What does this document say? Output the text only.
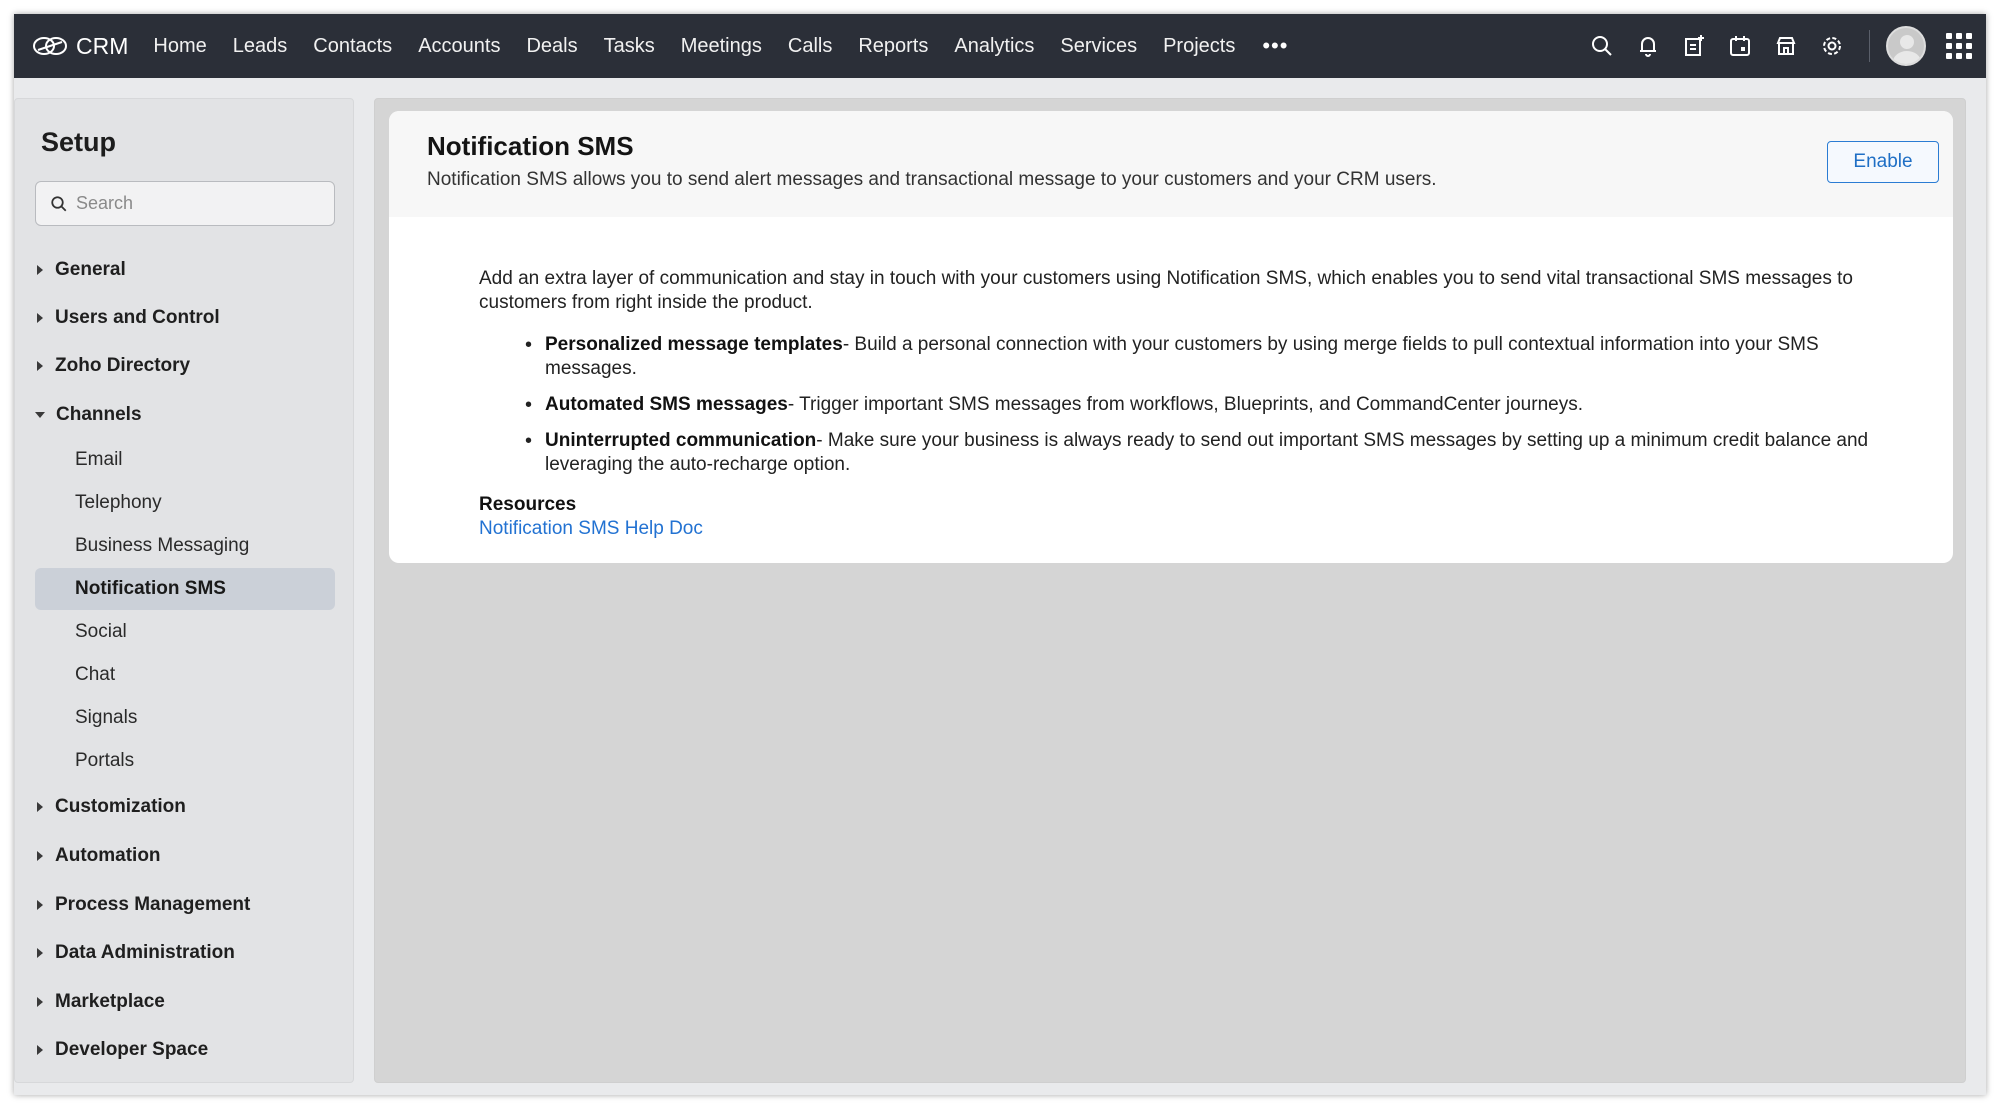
CRM	Home	Leads	Contacts	Accounts	Deals	Tasks	Meetings	Calls	Reports	Analytics	Services	Projects	•••
Setup
Search
General
Users and Control
Zoho Directory
Channels
Email
Telephony
Business Messaging
Notification SMS
Social
Chat
Signals
Portals
Customization
Automation
Process Management
Data Administration
Marketplace
Developer Space
Notification SMS
Notification SMS allows you to send alert messages and transactional message to your customers and your CRM users.
Enable

Add an extra layer of communication and stay in touch with your customers using Notification SMS, which enables you to send vital transactional SMS messages to customers from right inside the product.

• Personalized message templates- Build a personal connection with your customers by using merge fields to pull contextual information into your SMS messages.
• Automated SMS messages- Trigger important SMS messages from workflows, Blueprints, and CommandCenter journeys.
• Uninterrupted communication- Make sure your business is always ready to send out important SMS messages by setting up a minimum credit balance and leveraging the auto-recharge option.
Resources
Notification SMS Help Doc
